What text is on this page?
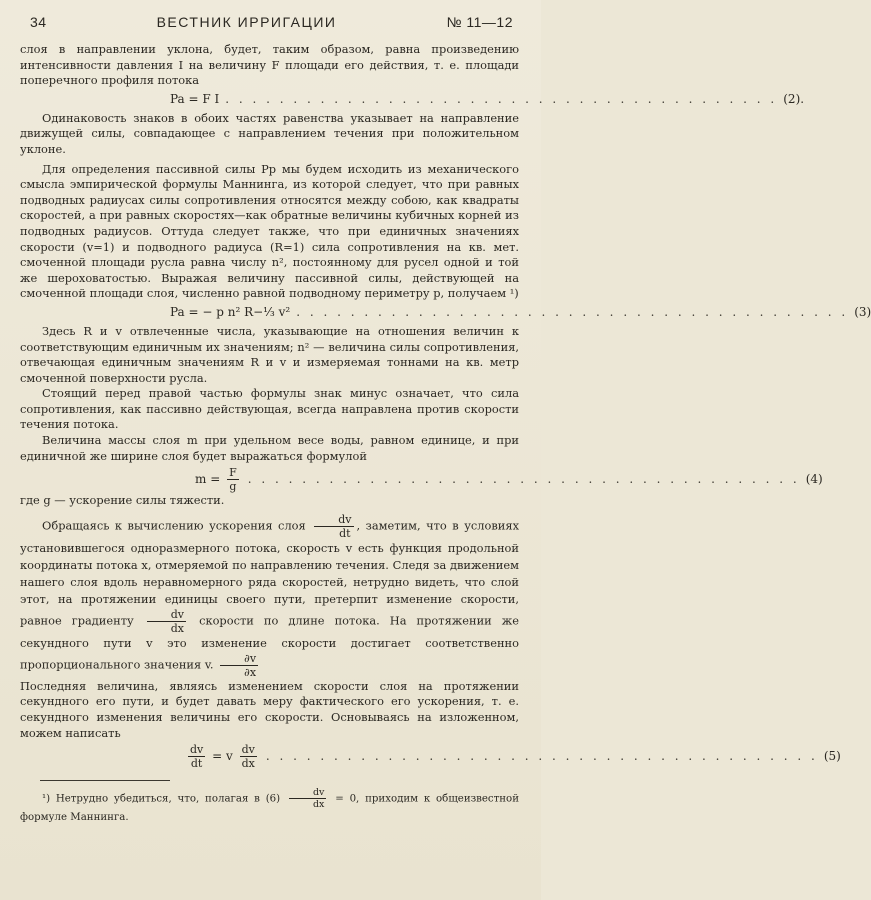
34	ВЕСТНИК ИРРИГАЦИИ	№ 11—12

слоя в направлении уклона, будет, таким образом, равна произведению интенсивности давления I на величину F площади его действия, т. е. площади поперечного профиля потока

Pa = F I . . . . . . . . . . . . . . . . . . . . . . . . . . . . . . . . . . . . . . . . . (2).

Одинаковость знаков в обоих частях равенства указывает на направление движущей силы, совпадающее с направлением течения при положительном уклоне.

Для определения пассивной силы Pp мы будем исходить из механического смысла эмпирической формулы Маннинга, из которой следует, что при равных подводных радиусах силы сопротивления относятся между собою, как квадраты скоростей, а при равных скоростях—как обратные величины кубичных корней из подводных радиусов. Оттуда следует также, что при единичных значениях скорости (v=1) и подводного радиуса (R=1) сила сопротивления на кв. мет. смоченной площади русла равна числу n², постоянному для русел одной и той же шероховатостью. Выражая величину пассивной силы, действующей на смоченной площади слоя, численно равной подводному периметру p, получаем ¹)

Pa = − p n² R−⅓ v² . . . . . . . . . . . . . . . . . . . . . . . . . . . . . . . . . . . . . . . . . (3)

Здесь R и v отвлеченные числа, указывающие на отношения величин к соответствующим единичным их значениям; n² — величина силы сопротивления, отвечающая единичным значениям R и v и измеряемая тоннами на кв. метр смоченной поверхности русла.

Стоящий перед правой частью формулы знак минус означает, что сила сопротивления, как пассивно действующая, всегда направлена против скорости течения потока.

Величина массы слоя m при удельном весе воды, равном единице, и при единичной же ширине слоя будет выражаться формулой

$m = \frac{F}{g}$ . . . . . . . . . . . . . . . . . . . . . . . . . . . . . . . . . . . . . . . . . (4)

где g — ускорение силы тяжести.

Обращаясь к вычислению ускорения слоя $\frac{dv}{dt}$ , заметим, что в условиях установившегося одноразмерного потока, скорость v есть функция продольной координаты потока x, отмеряемой по направлению течения. Следя за движением нашего слоя вдоль неравномерного ряда скоростей, нетрудно видеть, что слой этот, на протяжении единицы своего пути, претерпит изменение скорости, равное градиенту $\frac{dv}{dx}$ скорости по длине потока. На протяжении же секундного пути v это изменение скорости достигает соответственно пропорционального значения v. $\frac{\partial v}{\partial x}$

Последняя величина, являясь изменением скорости слоя на протяжении секундного его пути, и будет давать меру фактического его ускорения, т. е. секундного изменения величины его скорости. Основываясь на изложенном, можем написать

$\frac{dv}{dt} = v \frac{dv}{dx}$ . . . . . . . . . . . . . . . . . . . . . . . . . . . . . . . . . . . . . . . . . (5)

¹) Нетрудно убедиться, что, полагая в $(6) \frac{dv}{dx} = 0$, приходим к общеизвестной формуле Маннинга.
